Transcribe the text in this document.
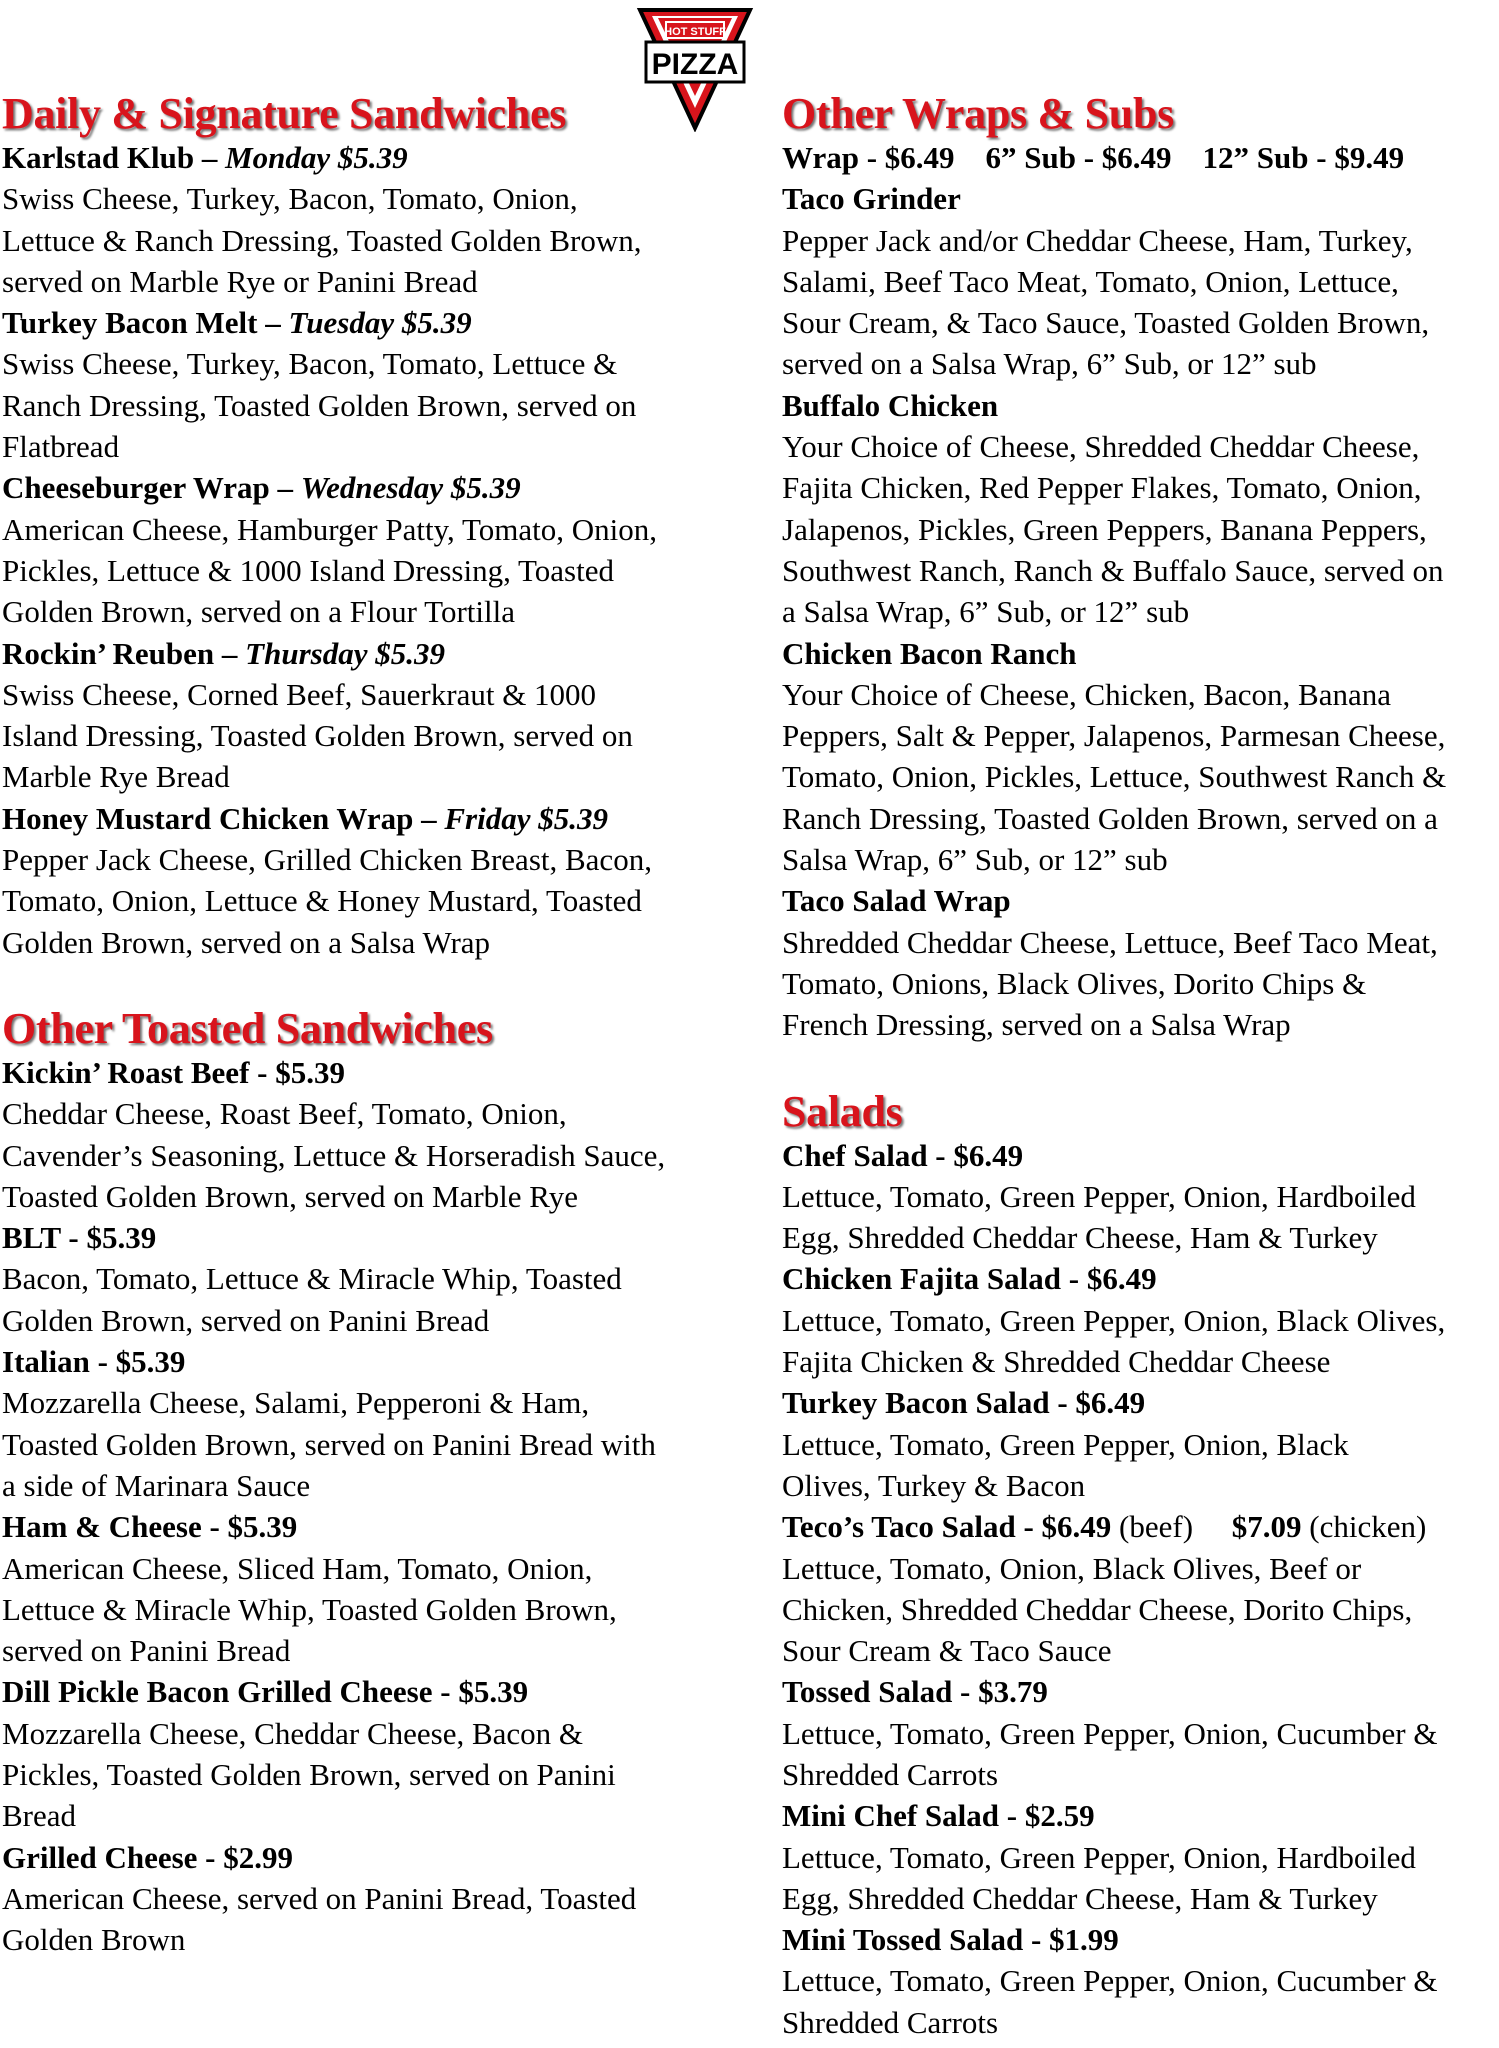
HOT STUFF
PIZZA
Daily & Signature Sandwiches
Karlstad Klub – Monday $5.39
Swiss Cheese, Turkey, Bacon, Tomato, Onion,
Lettuce & Ranch Dressing, Toasted Golden Brown,
served on Marble Rye or Panini Bread
Turkey Bacon Melt – Tuesday $5.39
Swiss Cheese, Turkey, Bacon, Tomato, Lettuce &
Ranch Dressing, Toasted Golden Brown, served on
Flatbread
Cheeseburger Wrap – Wednesday $5.39
American Cheese, Hamburger Patty, Tomato, Onion,
Pickles, Lettuce & 1000 Island Dressing, Toasted
Golden Brown, served on a Flour Tortilla
Rockin’ Reuben – Thursday $5.39
Swiss Cheese, Corned Beef, Sauerkraut & 1000
Island Dressing, Toasted Golden Brown, served on
Marble Rye Bread
Honey Mustard Chicken Wrap – Friday $5.39
Pepper Jack Cheese, Grilled Chicken Breast, Bacon,
Tomato, Onion, Lettuce & Honey Mustard, Toasted
Golden Brown, served on a Salsa Wrap
Other Toasted Sandwiches
Kickin’ Roast Beef - $5.39
Cheddar Cheese, Roast Beef, Tomato, Onion,
Cavender’s Seasoning, Lettuce & Horseradish Sauce,
Toasted Golden Brown, served on Marble Rye
BLT - $5.39
Bacon, Tomato, Lettuce & Miracle Whip, Toasted
Golden Brown, served on Panini Bread
Italian - $5.39
Mozzarella Cheese, Salami, Pepperoni & Ham,
Toasted Golden Brown, served on Panini Bread with
a side of Marinara Sauce
Ham & Cheese - $5.39
American Cheese, Sliced Ham, Tomato, Onion,
Lettuce & Miracle Whip, Toasted Golden Brown,
served on Panini Bread
Dill Pickle Bacon Grilled Cheese - $5.39
Mozzarella Cheese, Cheddar Cheese, Bacon &
Pickles, Toasted Golden Brown, served on Panini
Bread
Grilled Cheese - $2.99
American Cheese, served on Panini Bread, Toasted
Golden Brown
Other Wraps & Subs
Wrap - $6.49    6” Sub - $6.49    12” Sub - $9.49
Taco Grinder
Pepper Jack and/or Cheddar Cheese, Ham, Turkey,
Salami, Beef Taco Meat, Tomato, Onion, Lettuce,
Sour Cream, & Taco Sauce, Toasted Golden Brown,
served on a Salsa Wrap, 6” Sub, or 12” sub
Buffalo Chicken
Your Choice of Cheese, Shredded Cheddar Cheese,
Fajita Chicken, Red Pepper Flakes, Tomato, Onion,
Jalapenos, Pickles, Green Peppers, Banana Peppers,
Southwest Ranch, Ranch & Buffalo Sauce, served on
a Salsa Wrap, 6” Sub, or 12” sub
Chicken Bacon Ranch
Your Choice of Cheese, Chicken, Bacon, Banana
Peppers, Salt & Pepper, Jalapenos, Parmesan Cheese,
Tomato, Onion, Pickles, Lettuce, Southwest Ranch &
Ranch Dressing, Toasted Golden Brown, served on a
Salsa Wrap, 6” Sub, or 12” sub
Taco Salad Wrap
Shredded Cheddar Cheese, Lettuce, Beef Taco Meat,
Tomato, Onions, Black Olives, Dorito Chips &
French Dressing, served on a Salsa Wrap
Salads
Chef Salad - $6.49
Lettuce, Tomato, Green Pepper, Onion, Hardboiled
Egg, Shredded Cheddar Cheese, Ham & Turkey
Chicken Fajita Salad - $6.49
Lettuce, Tomato, Green Pepper, Onion, Black Olives,
Fajita Chicken & Shredded Cheddar Cheese
Turkey Bacon Salad - $6.49
Lettuce, Tomato, Green Pepper, Onion, Black
Olives, Turkey & Bacon
Teco’s Taco Salad - $6.49 (beef)     $7.09 (chicken)
Lettuce, Tomato, Onion, Black Olives, Beef or
Chicken, Shredded Cheddar Cheese, Dorito Chips,
Sour Cream & Taco Sauce
Tossed Salad - $3.79
Lettuce, Tomato, Green Pepper, Onion, Cucumber &
Shredded Carrots
Mini Chef Salad - $2.59
Lettuce, Tomato, Green Pepper, Onion, Hardboiled
Egg, Shredded Cheddar Cheese, Ham & Turkey
Mini Tossed Salad - $1.99
Lettuce, Tomato, Green Pepper, Onion, Cucumber &
Shredded Carrots
